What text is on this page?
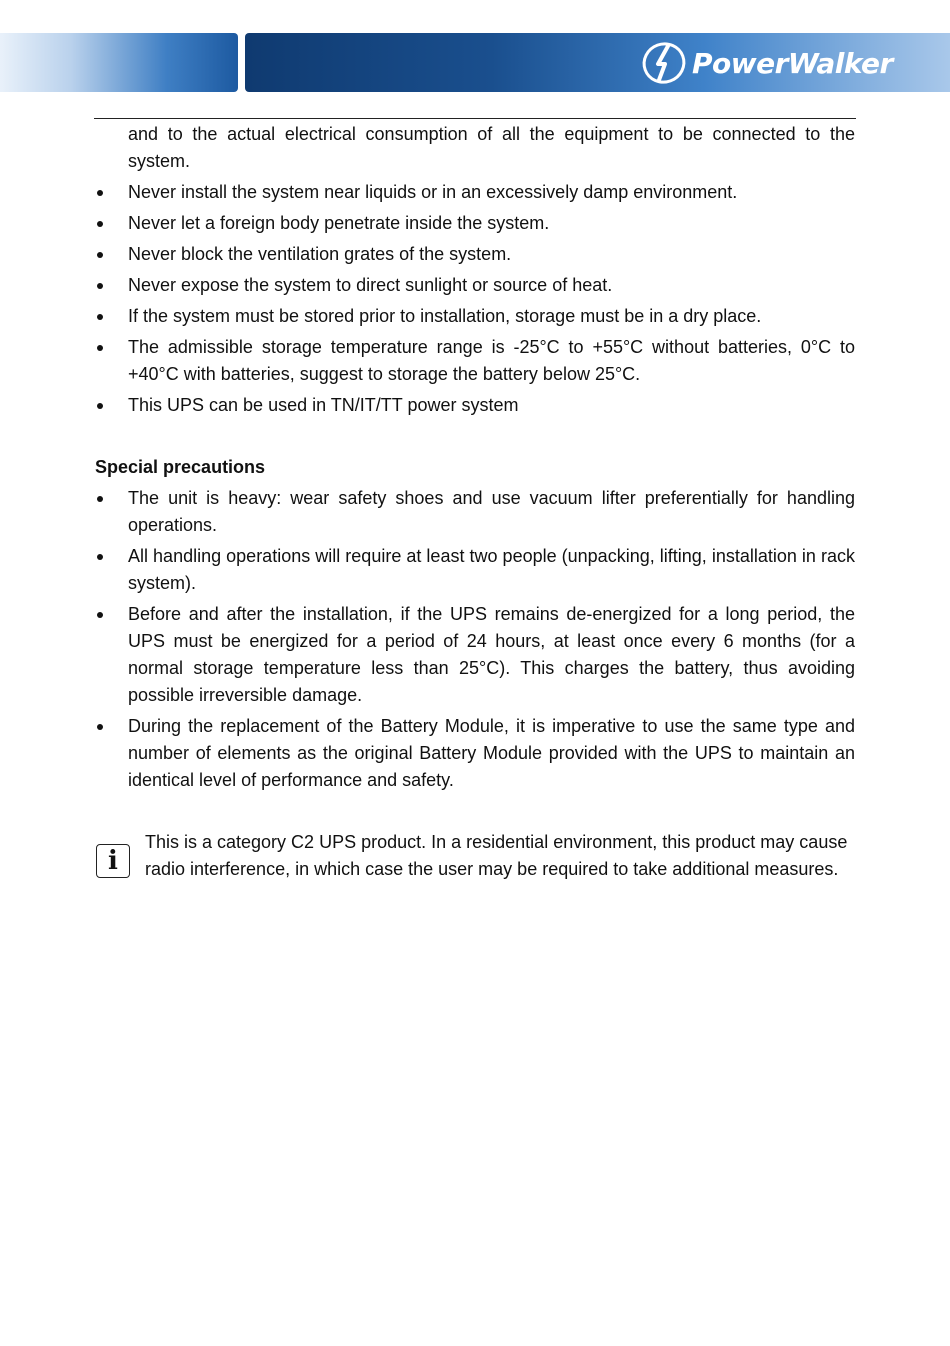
PowerWalker
and to the actual electrical consumption of all the equipment to be connected to the system.
Never install the system near liquids or in an excessively damp environment.
Never let a foreign body penetrate inside the system.
Never block the ventilation grates of the system.
Never expose the system to direct sunlight or source of heat.
If the system must be stored prior to installation, storage must be in a dry place.
The admissible storage temperature range is -25°C to +55°C without batteries, 0°C to +40°C with batteries, suggest to storage the battery below 25°C.
This UPS can be used in TN/IT/TT power system
Special precautions
The unit is heavy: wear safety shoes and use vacuum lifter preferentially for handling operations.
All handling operations will require at least two people (unpacking, lifting, installation in rack system).
Before and after the installation, if the UPS remains de-energized for a long period, the UPS must be energized for a period of 24 hours, at least once every 6 months (for a normal storage temperature less than 25°C). This charges the battery, thus avoiding possible irreversible damage.
During the replacement of the Battery Module, it is imperative to use the same type and number of elements as the original Battery Module provided with the UPS to maintain an identical level of performance and safety.
i
This is a category C2 UPS product. In a residential environment, this product may cause radio interference, in which case the user may be required to take additional measures.
